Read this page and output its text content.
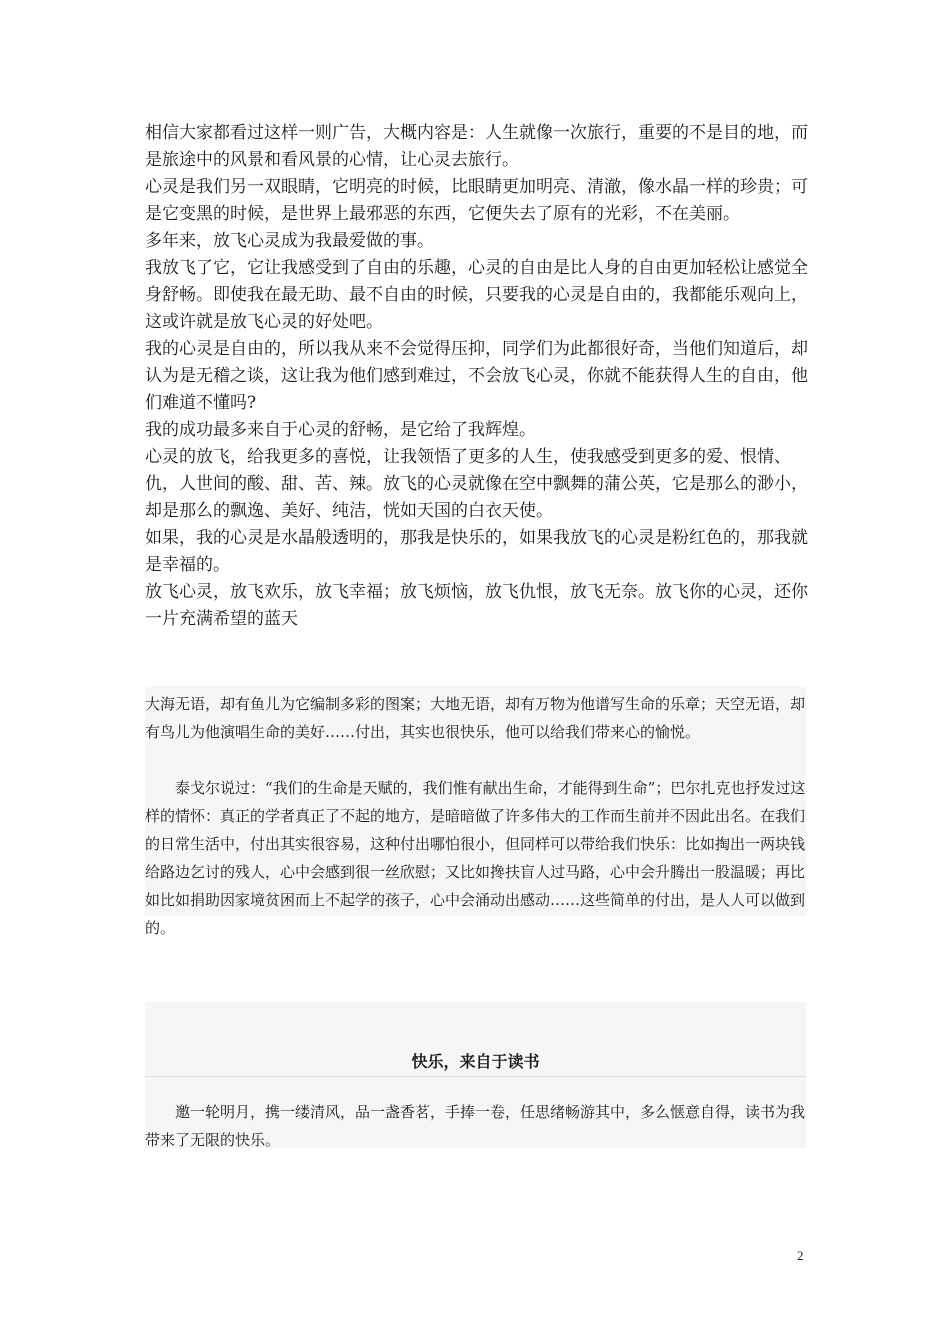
相信大家都看过这样一则广告，大概内容是：人生就像一次旅行，重要的不是目的地，而是旅途中的风景和看风景的心情，让心灵去旅行。

心灵是我们另一双眼睛，它明亮的时候，比眼睛更加明亮、清澈，像水晶一样的珍贵；可是它变黑的时候，是世界上最邪恶的东西，它便失去了原有的光彩，不在美丽。

多年来，放飞心灵成为我最爱做的事。

我放飞了它，它让我感受到了自由的乐趣，心灵的自由是比人身的自由更加轻松让感觉全身舒畅。即使我在最无助、最不自由的时候，只要我的心灵是自由的，我都能乐观向上，这或许就是放飞心灵的好处吧。

我的心灵是自由的，所以我从来不会觉得压抑，同学们为此都很好奇，当他们知道后，却认为是无稽之谈，这让我为他们感到难过，不会放飞心灵，你就不能获得人生的自由，他们难道不懂吗?

我的成功最多来自于心灵的舒畅，是它给了我辉煌。

心灵的放飞，给我更多的喜悦，让我领悟了更多的人生，使我感受到更多的爱、恨情、仇，人世间的酸、甜、苦、辣。放飞的心灵就像在空中飘舞的蒲公英，它是那么的渺小，却是那么的飘逸、美好、纯洁，恍如天国的白衣天使。

如果，我的心灵是水晶般透明的，那我是快乐的，如果我放飞的心灵是粉红色的，那我就是幸福的。

放飞心灵，放飞欢乐，放飞幸福；放飞烦恼，放飞仇恨，放飞无奈。放飞你的心灵，还你一片充满希望的蓝天

大海无语，却有鱼儿为它编制多彩的图案；大地无语，却有万物为他谱写生命的乐章；天空无语，却有鸟儿为他演唱生命的美好……付出，其实也很快乐，他可以给我们带来心的愉悦。

泰戈尔说过：“我们的生命是天赋的，我们惟有献出生命，才能得到生命”；巴尔扎克也抒发过这样的情怀：真正的学者真正了不起的地方，是暗暗做了许多伟大的工作而生前并不因此出名。在我们的日常生活中，付出其实很容易，这种付出哪怕很小，但同样可以带给我们快乐：比如掏出一两块钱给路边乞讨的残人，心中会感到很一丝欣慰；又比如搀扶盲人过马路，心中会升腾出一股温暖；再比如比如捐助因家境贫困而上不起学的孩子，心中会涌动出感动……这些简单的付出，是人人可以做到的。

快乐，来自于读书

邀一轮明月，携一缕清风，品一盏香茗，手捧一卷，任思绪畅游其中，多么惬意自得，读书为我带来了无限的快乐。

2
